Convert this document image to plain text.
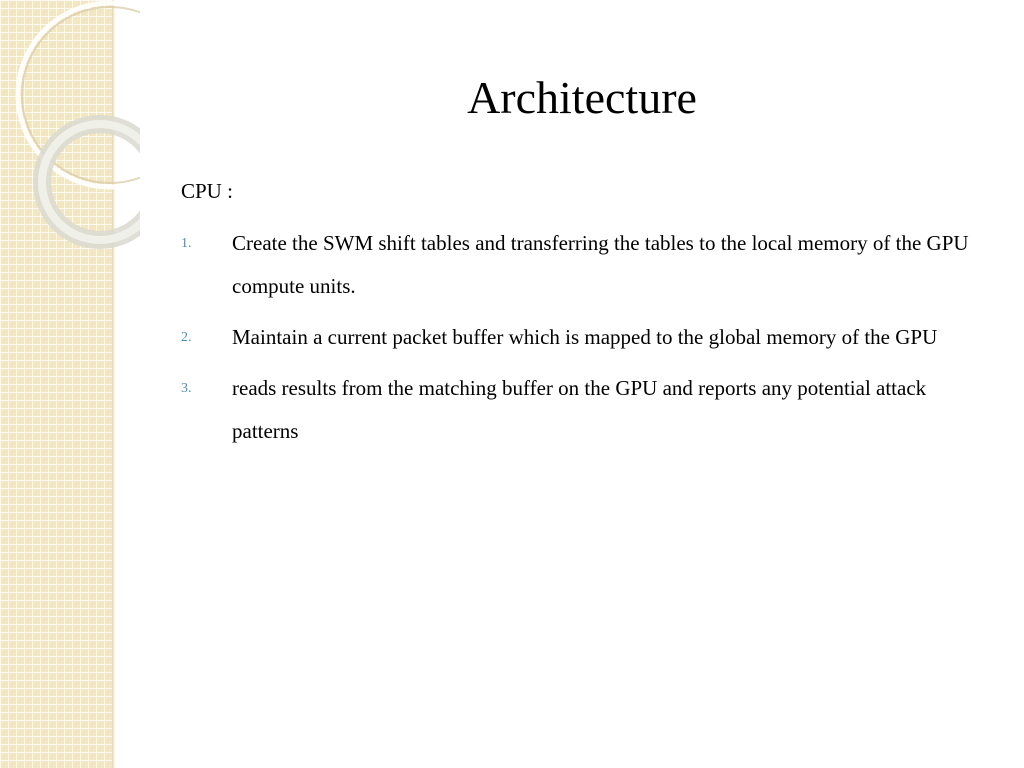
Architecture

CPU :

1. Create the SWM shift tables and transferring the tables to the local memory of the GPU compute units.
2. Maintain a current packet buffer which is mapped to the global memory of the GPU
3. reads results from the matching buffer on the GPU and reports any potential attack patterns
